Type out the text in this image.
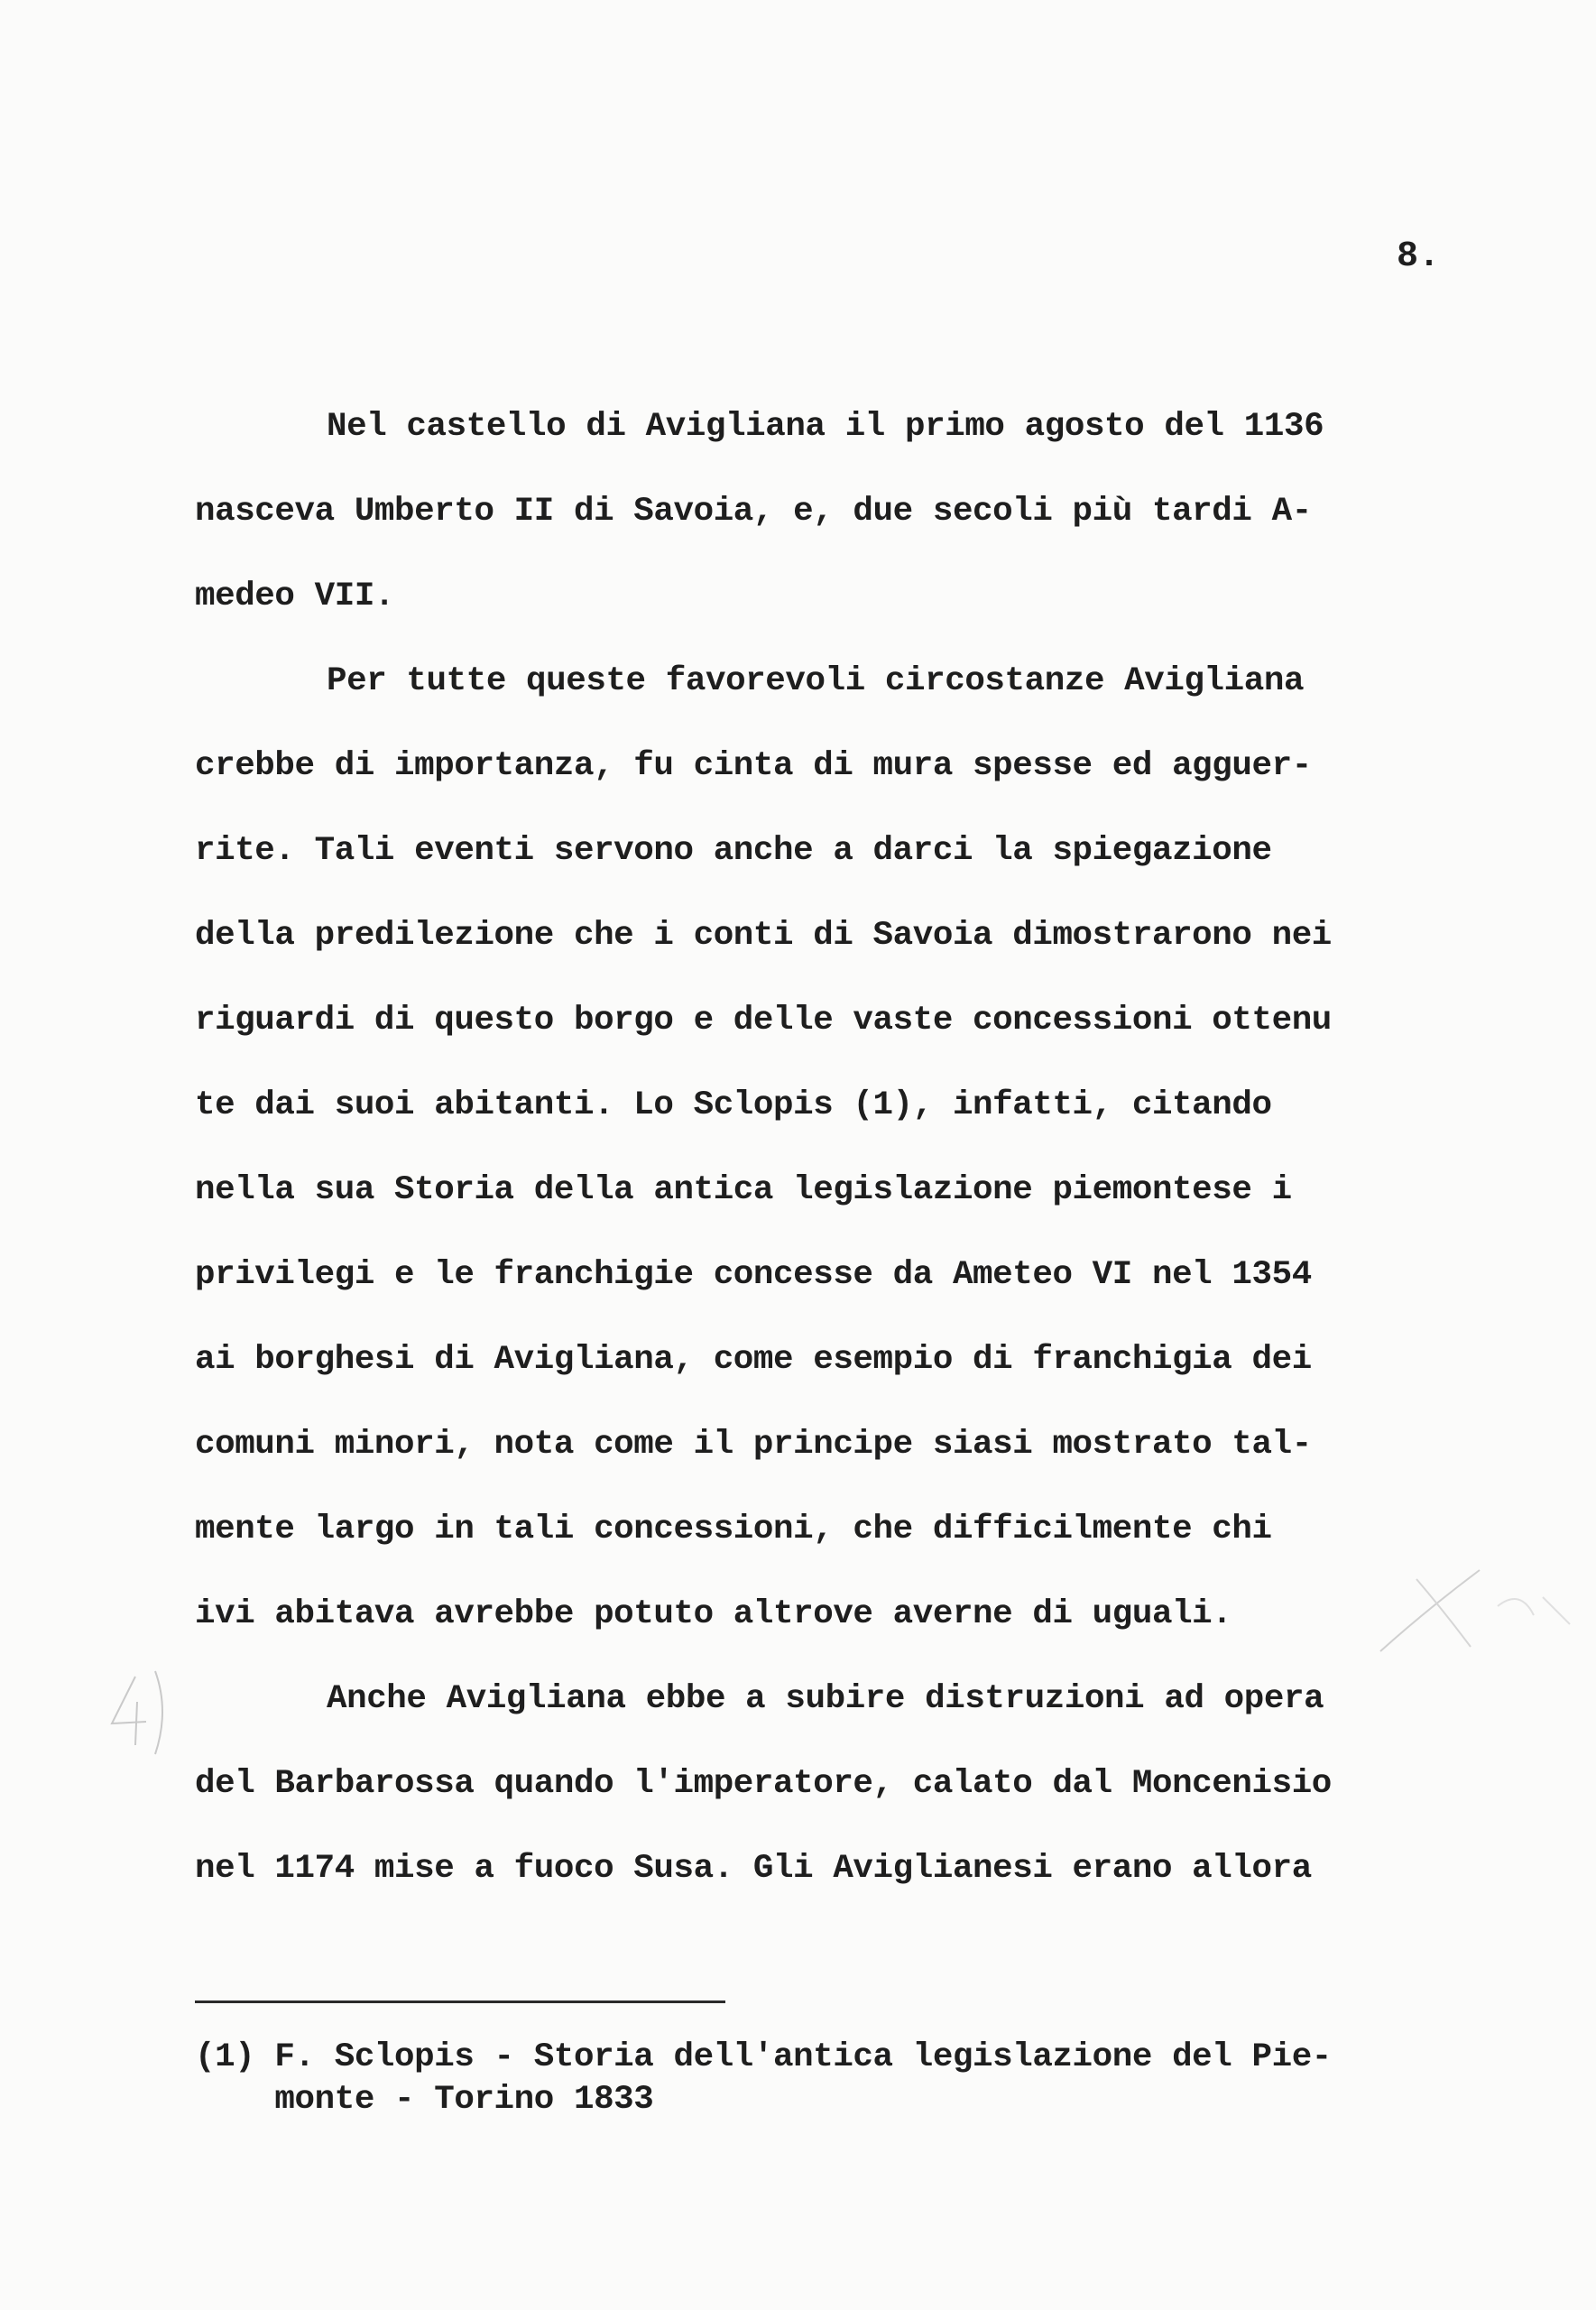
8.
Nel castello di Avigliana il primo agosto del 1136
nasceva Umberto II di Savoia, e, due secoli più tardi A-
medeo VII.
Per tutte queste favorevoli circostanze Avigliana
crebbe di importanza, fu cinta di mura spesse ed agguer-
rite. Tali eventi servono anche a darci la spiegazione
della predilezione che i conti di Savoia dimostrarono nei
riguardi di questo borgo e delle vaste concessioni ottenu
te dai suoi abitanti. Lo Sclopis (1), infatti, citando
nella sua Storia della antica legislazione piemontese i
privilegi e le franchigie concesse da Ameteo VI nel 1354
ai borghesi di Avigliana, come esempio di franchigia dei
comuni minori, nota come il principe siasi mostrato tal-
mente largo in tali concessioni, che difficilmente chi
ivi abitava avrebbe potuto altrove averne di uguali.
Anche Avigliana ebbe a subire distruzioni ad opera
del Barbarossa quando l'imperatore, calato dal Moncenisio
nel 1174 mise a fuoco Susa. Gli Aviglianesi erano allora
(1) F. Sclopis - Storia dell'antica legislazione del Pie-
monte - Torino 1833
